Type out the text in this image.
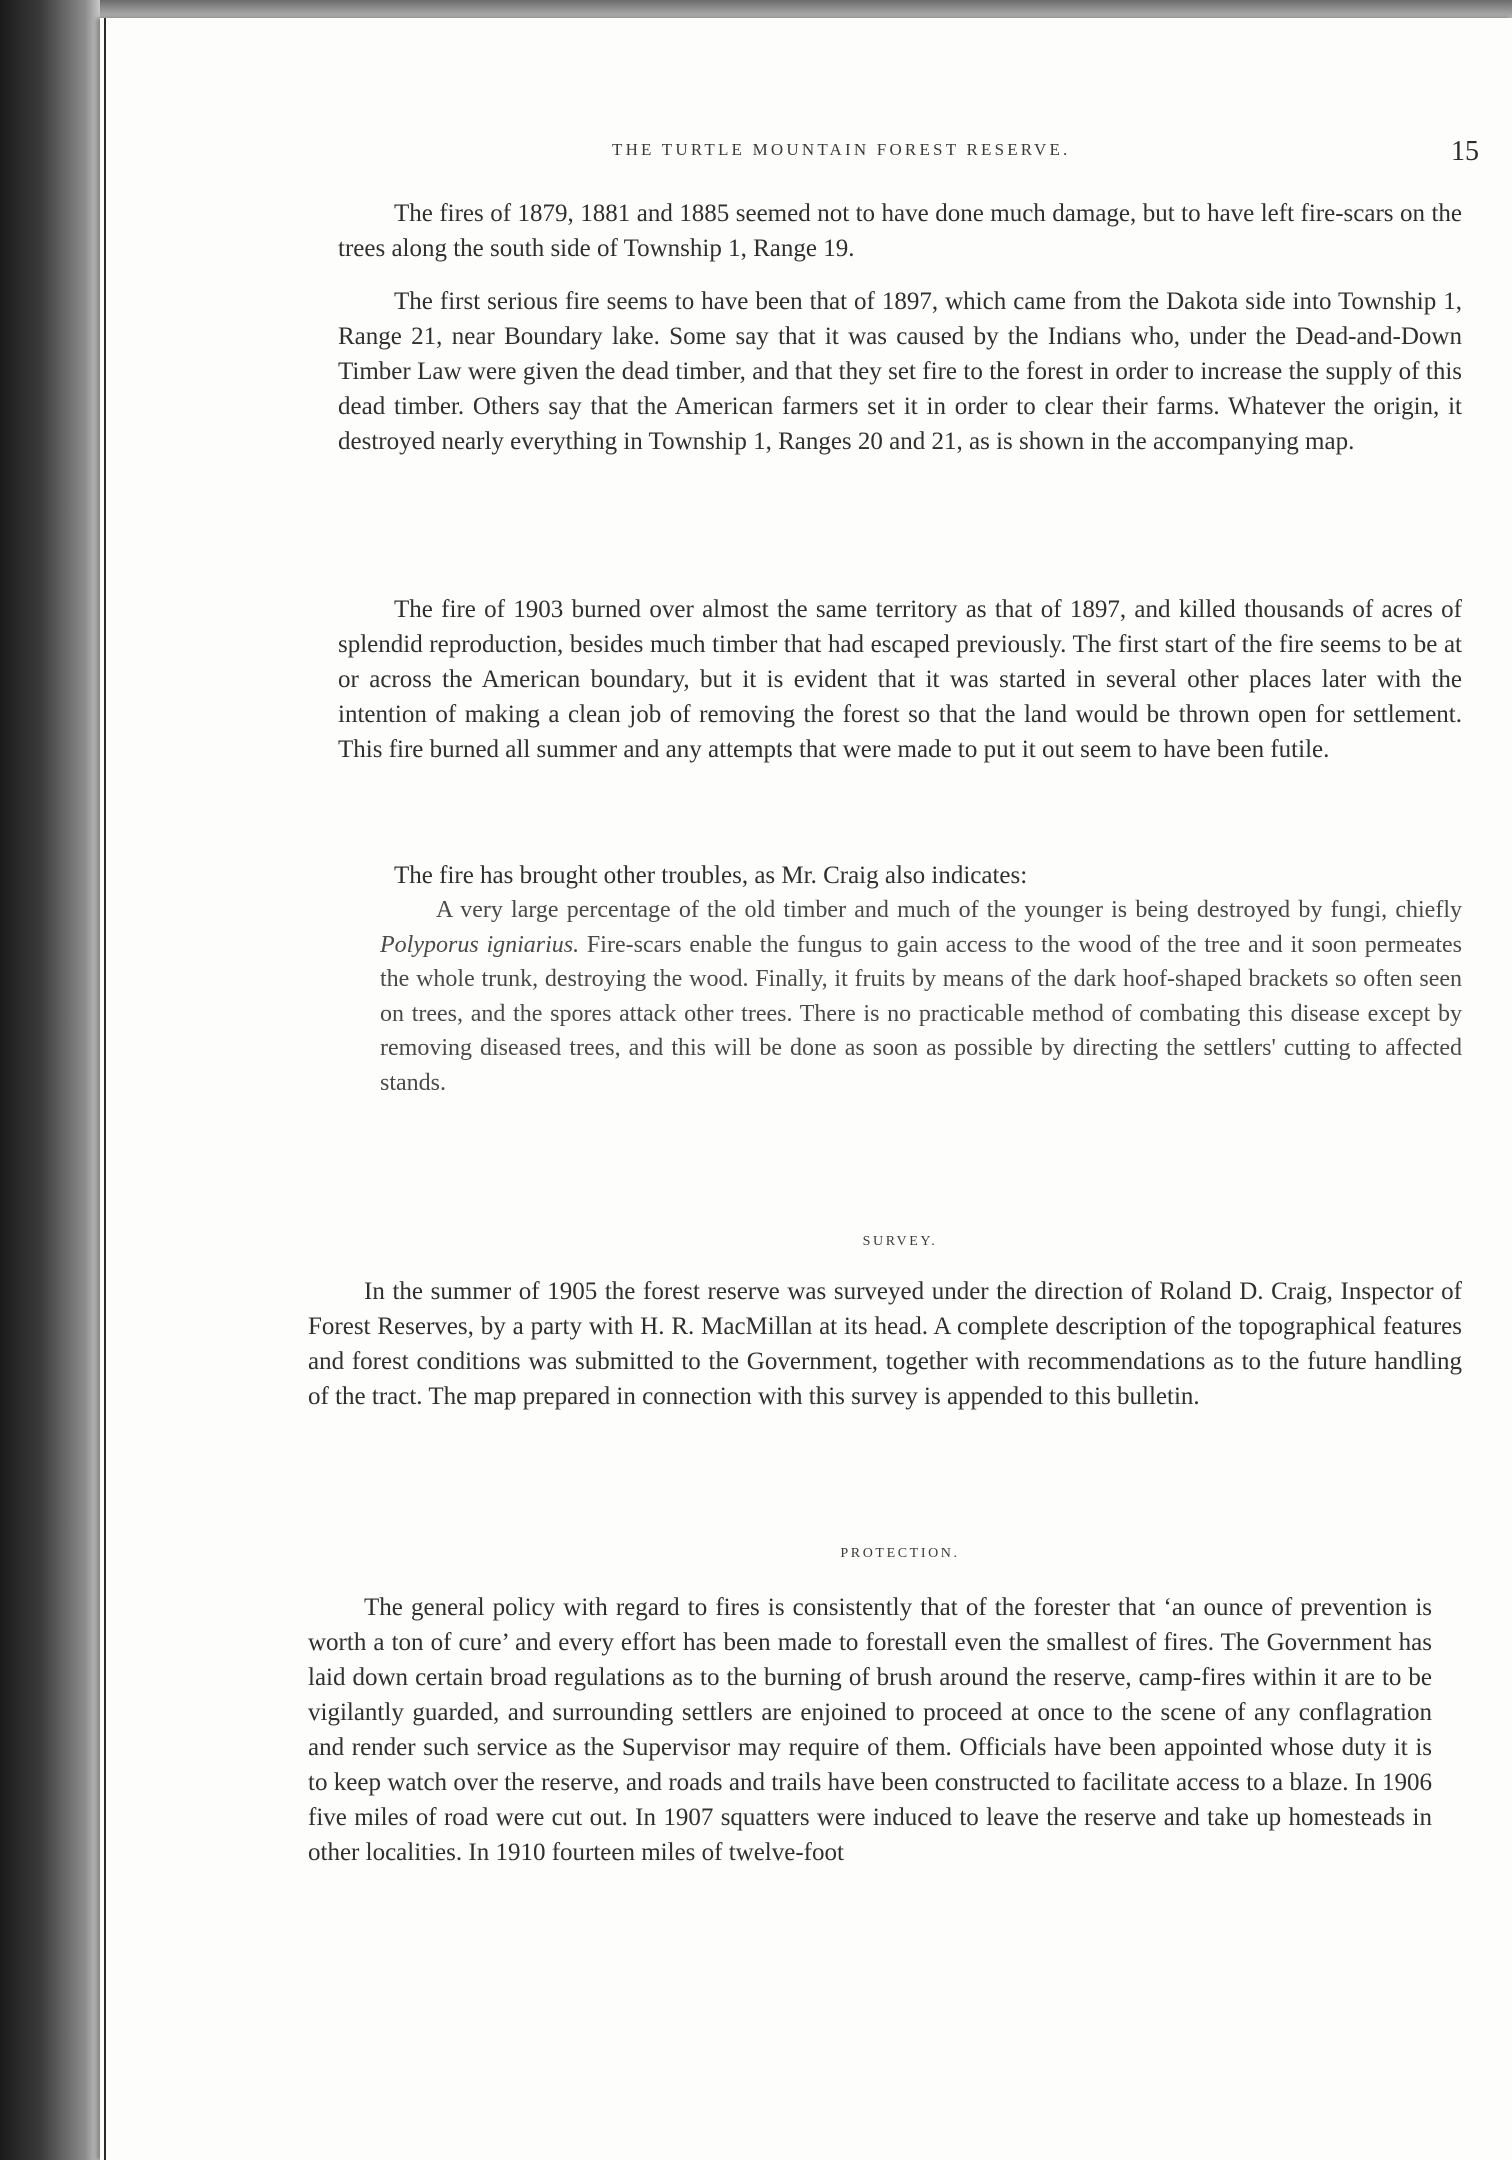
THE TURTLE MOUNTAIN FOREST RESERVE.	15

The fires of 1879, 1881 and 1885 seemed not to have done much damage, but to have left fire-scars on the trees along the south side of Township 1, Range 19.

The first serious fire seems to have been that of 1897, which came from the Dakota side into Township 1, Range 21, near Boundary lake. Some say that it was caused by the Indians who, under the Dead-and-Down Timber Law were given the dead timber, and that they set fire to the forest in order to increase the supply of this dead timber. Others say that the American farmers set it in order to clear their farms. Whatever the origin, it destroyed nearly everything in Township 1, Ranges 20 and 21, as is shown in the accompanying map.

The fire of 1903 burned over almost the same territory as that of 1897, and killed thousands of acres of splendid reproduction, besides much timber that had escaped previously. The first start of the fire seems to be at or across the American boundary, but it is evident that it was started in several other places later with the intention of making a clean job of removing the forest so that the land would be thrown open for settlement. This fire burned all summer and any attempts that were made to put it out seem to have been futile.

The fire has brought other troubles, as Mr. Craig also indicates:

A very large percentage of the old timber and much of the younger is being destroyed by fungi, chiefly Polyporus igniarius. Fire-scars enable the fungus to gain access to the wood of the tree and it soon permeates the whole trunk, destroying the wood. Finally, it fruits by means of the dark hoof-shaped brackets so often seen on trees, and the spores attack other trees. There is no practicable method of combating this disease except by removing diseased trees, and this will be done as soon as possible by directing the settlers' cutting to affected stands.

SURVEY.

In the summer of 1905 the forest reserve was surveyed under the direction of Roland D. Craig, Inspector of Forest Reserves, by a party with H. R. MacMillan at its head. A complete description of the topographical features and forest conditions was submitted to the Government, together with recommendations as to the future handling of the tract. The map prepared in connection with this survey is appended to this bulletin.

PROTECTION.

The general policy with regard to fires is consistently that of the forester that ‘an ounce of prevention is worth a ton of cure’ and every effort has been made to forestall even the smallest of fires. The Government has laid down certain broad regulations as to the burning of brush around the reserve, camp-fires within it are to be vigilantly guarded, and surrounding settlers are enjoined to proceed at once to the scene of any conflagration and render such service as the Supervisor may require of them. Officials have been appointed whose duty it is to keep watch over the reserve, and roads and trails have been constructed to facilitate access to a blaze. In 1906 five miles of road were cut out. In 1907 squatters were induced to leave the reserve and take up homesteads in other localities. In 1910 fourteen miles of twelve-foot
